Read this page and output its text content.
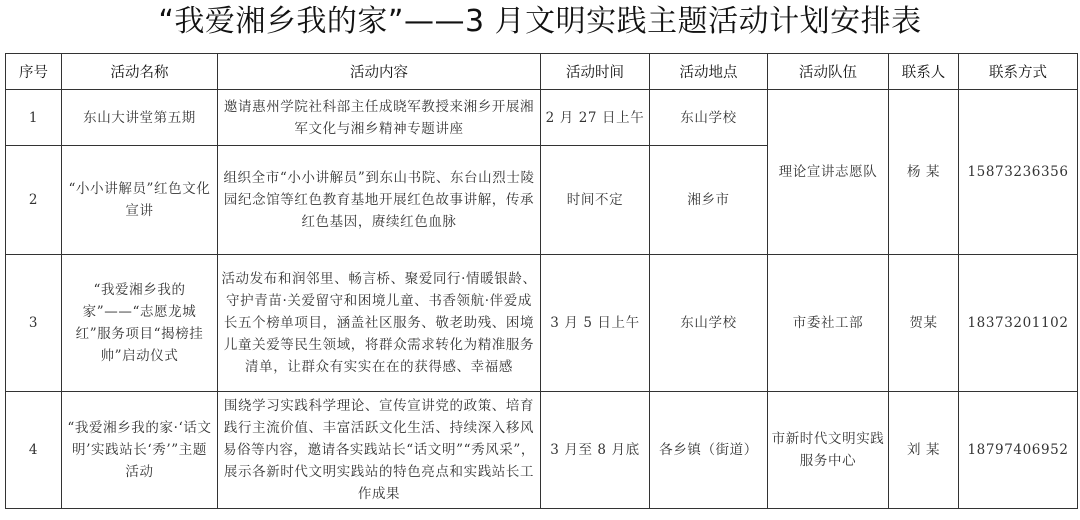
“我爱湘乡我的家”——3 月文明实践主题活动计划安排表
序号	活动名称	活动内容	活动时间	活动地点	活动队伍	联系人	联系方式
1	东山大讲堂第五期	邀请惠州学院社科部主任成晓军教授来湘乡开展湘军文化与湘乡精神专题讲座	2 月 27 日上午	东山学校	理论宣讲志愿队	杨 某	15873236356
2	“小小讲解员”红色文化宣讲	组织全市“小小讲解员”到东山书院、东台山烈士陵园纪念馆等红色教育基地开展红色故事讲解，传承红色基因，赓续红色血脉	时间不定	湘乡市			
3	“我爱湘乡我的家”——“志愿龙城红”服务项目“揭榜挂帅”启动仪式	活动发布和润邻里、畅言桥、聚爱同行·情暖银龄、守护青苗·关爱留守和困境儿童、书香领航·伴爱成长五个榜单项目，涵盖社区服务、敬老助残、困境儿童关爱等民生领域，将群众需求转化为精准服务清单，让群众有实实在在的获得感、幸福感	3 月 5 日上午	东山学校	市委社工部	贺某	18373201102
4	“我爱湘乡我的家·‘话文明’实践站长‘秀’”主题活动	围绕学习实践科学理论、宣传宣讲党的政策、培育践行主流价值、丰富活跃文化生活、持续深入移风易俗等内容，邀请各实践站长“话文明”“秀风采”，展示各新时代文明实践站的特色亮点和实践站长工作成果	3 月至 8 月底	各乡镇（街道）	市新时代文明实践服务中心	刘 某	18797406952
